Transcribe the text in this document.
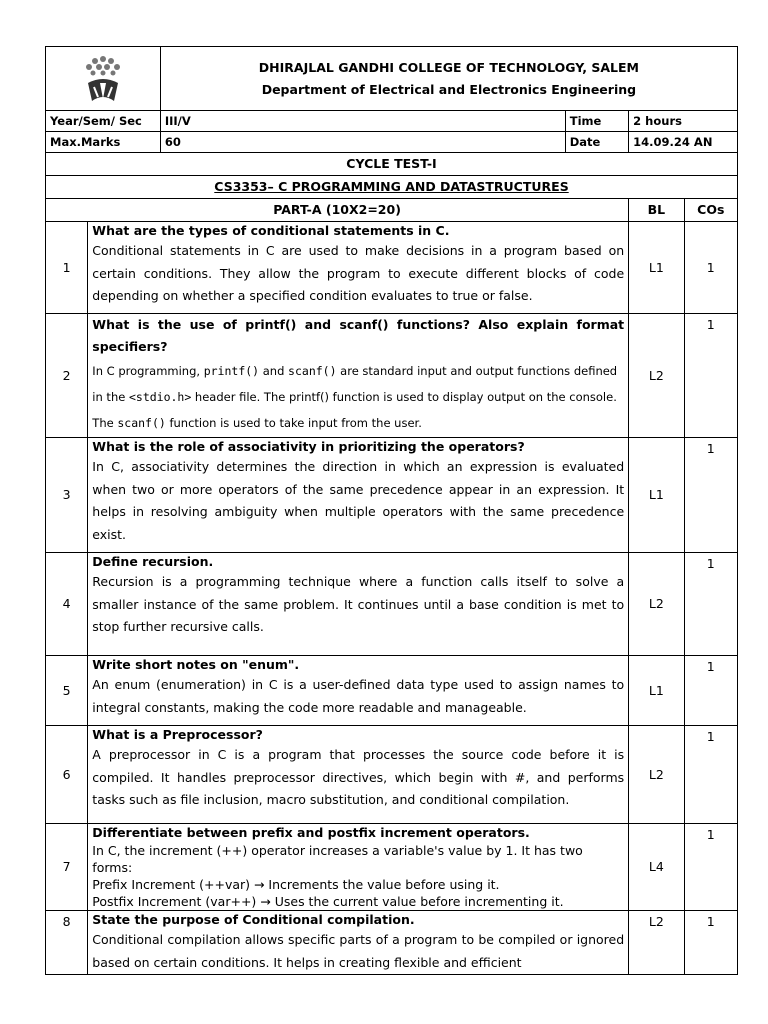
DHIRAJLAL GANDHI COLLEGE OF TECHNOLOGY, SALEM
Department of Electrical and Electronics Engineering			

Year/Sem/ Sec		III/V	Time	2 hours	
Max.Marks		60	Date	14.09.24 AN	
CYCLE TEST-I					
CS3353– C PROGRAMMING AND DATASTRUCTURES					
PART-A (10X2=20)				BL	COs
1	What are the types of conditional statements in C.
Conditional statements in C are used to make decisions in a program based on certain conditions. They allow the program to execute different blocks of code depending on whether a specified condition evaluates to true or false.			L1	1
2	What is the use of printf() and scanf() functions? Also explain format specifiers?
In C programming, printf() and scanf() are standard input and output functions defined in the <stdio.h> header file. The printf() function is used to display output on the console. The scanf() function is used to take input from the user.			L2	1
3	What is the role of associativity in prioritizing the operators?
In C, associativity determines the direction in which an expression is evaluated when two or more operators of the same precedence appear in an expression. It helps in resolving ambiguity when multiple operators with the same precedence exist.			L1	1
4	Define recursion.
Recursion is a programming technique where a function calls itself to solve a smaller instance of the same problem. It continues until a base condition is met to stop further recursive calls.			L2	1
5	Write short notes on "enum".
An enum (enumeration) in C is a user-defined data type used to assign names to integral constants, making the code more readable and manageable.			L1	1
6	What is a Preprocessor?
A preprocessor in C is a program that processes the source code before it is compiled. It handles preprocessor directives, which begin with #, and performs tasks such as file inclusion, macro substitution, and conditional compilation.			L2	1
7	Differentiate between prefix and postfix increment operators.
In C, the increment (++) operator increases a variable's value by 1. It has two forms:
Prefix Increment (++var) → Increments the value before using it.
Postfix Increment (var++) → Uses the current value before incrementing it.			L4	1
8	State the purpose of Conditional compilation.
Conditional compilation allows specific parts of a program to be compiled or ignored based on certain conditions. It helps in creating flexible and efficient			L2	1
